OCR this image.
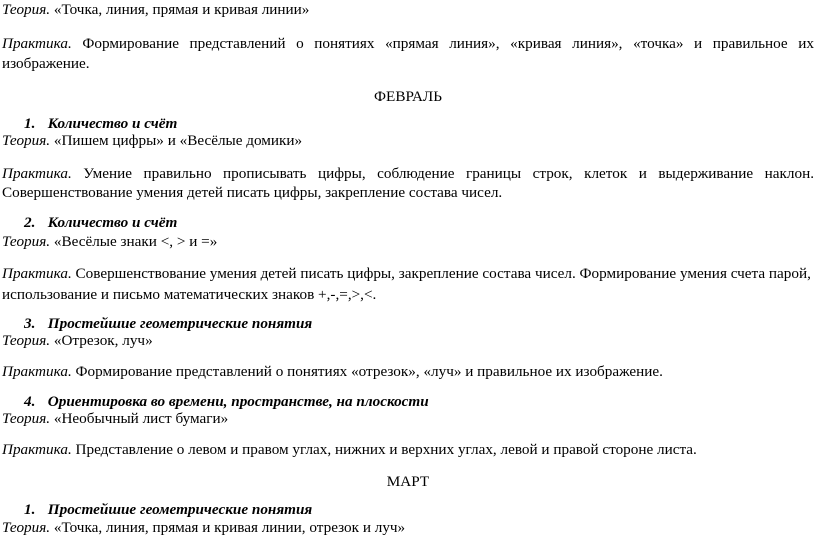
Теория. «Точка, линия, прямая и кривая линии»
Практика. Формирование представлений о понятиях «прямая линия», «кривая линия», «точка» и правильное их
изображение.
ФЕВРАЛЬ
1. Количество и счёт
Теория. «Пишем цифры» и «Весёлые домики»
Практика. Умение правильно прописывать цифры, соблюдение границы строк, клеток и выдерживание наклон.
Совершенствование умения детей писать цифры, закрепление состава чисел.
2. Количество и счёт
Теория. «Весёлые знаки <, > и =»
Практика. Совершенствование умения детей писать цифры, закрепление состава чисел. Формирование умения счета парой,
использование и письмо математических знаков +,-,=,>,<.
3. Простейшие геометрические понятия
Теория. «Отрезок, луч»
Практика. Формирование представлений о понятиях «отрезок», «луч» и правильное их изображение.
4. Ориентировка во времени, пространстве, на плоскости
Теория. «Необычный лист бумаги»
Практика. Представление о левом и правом углах, нижних и верхних углах, левой и правой стороне листа.
МАРТ
1. Простейшие геометрические понятия
Теория. «Точка, линия, прямая и кривая линии, отрезок и луч»
